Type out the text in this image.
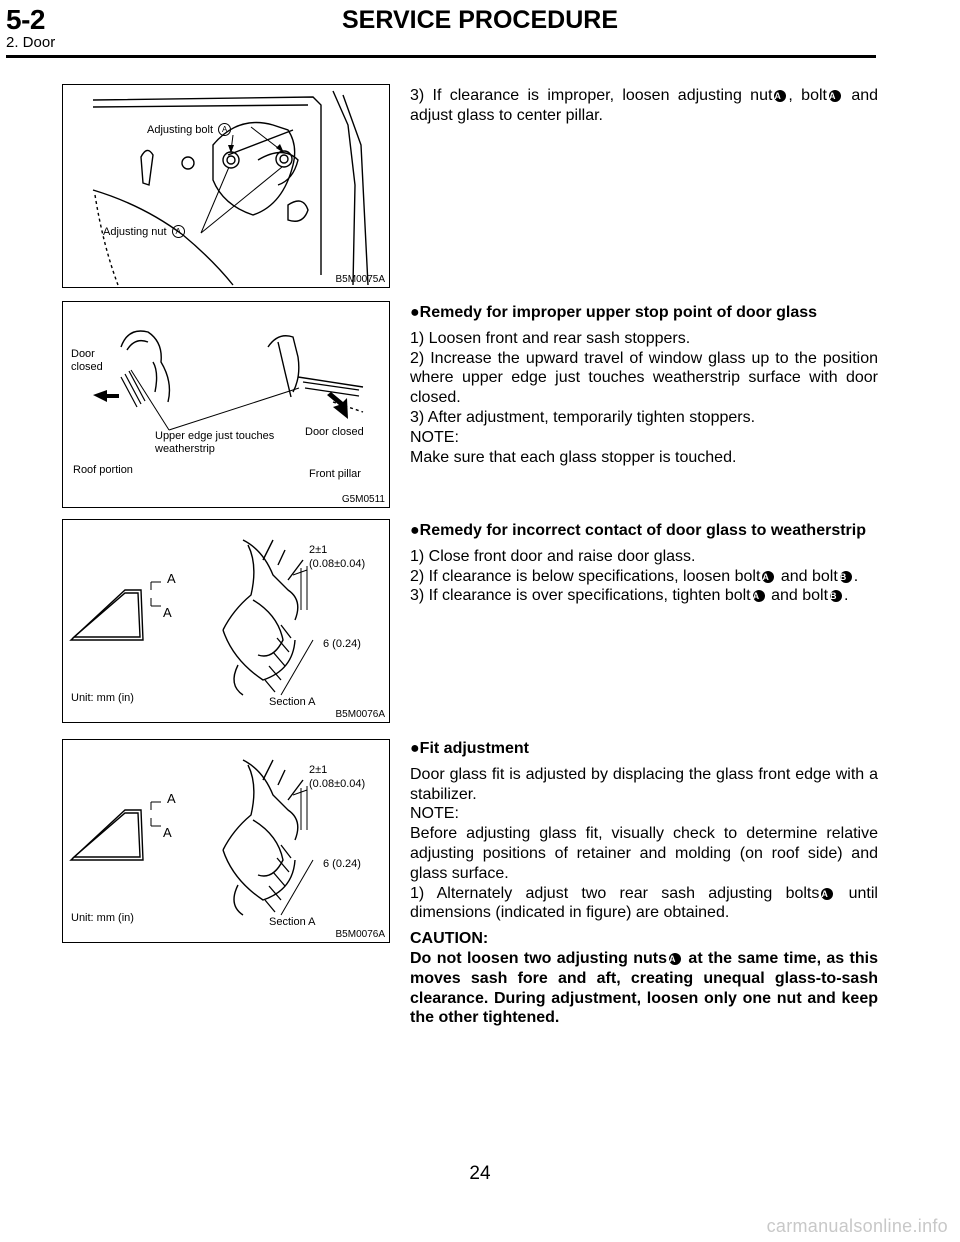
5-2	SERVICE PROCEDURE
2. Door
Adjusting bolt A
Adjusting nut A
B5M0075A
Door closed
Upper edge just touches weatherstrip
Door closed
Roof portion	Front pillar
G5M0511
A
A
2±1
(0.08±0.04)
6 (0.24)
Unit: mm (in)	Section A
B5M0076A
A
A
2±1
(0.08±0.04)
6 (0.24)
Unit: mm (in)	Section A
B5M0076A

3) If clearance is improper, loosen adjusting nut A , bolt A and adjust glass to center pillar.

●Remedy for improper upper stop point of door glass

1) Loosen front and rear sash stoppers.

2) Increase the upward travel of window glass up to the position where upper edge just touches weatherstrip surface with door closed.

3) After adjustment, temporarily tighten stoppers.

NOTE:

Make sure that each glass stopper is touched.

●Remedy for incorrect contact of door glass to weatherstrip

1) Close front door and raise door glass.

2) If clearance is below specifications, loosen bolt A and bolt B .

3) If clearance is over specifications, tighten bolt A and bolt B .

●Fit adjustment

Door glass fit is adjusted by displacing the glass front edge with a stabilizer.

NOTE:

Before adjusting glass fit, visually check to determine relative adjusting positions of retainer and molding (on roof side) and glass surface.

1) Alternately adjust two rear sash adjusting bolts A until dimensions (indicated in figure) are obtained.

CAUTION:

Do not loosen two adjusting nuts A at the same time, as this moves sash fore and aft, creating unequal glass-to-sash clearance. During adjustment, loosen only one nut and keep the other tightened.

24
carmanualsonline.info
